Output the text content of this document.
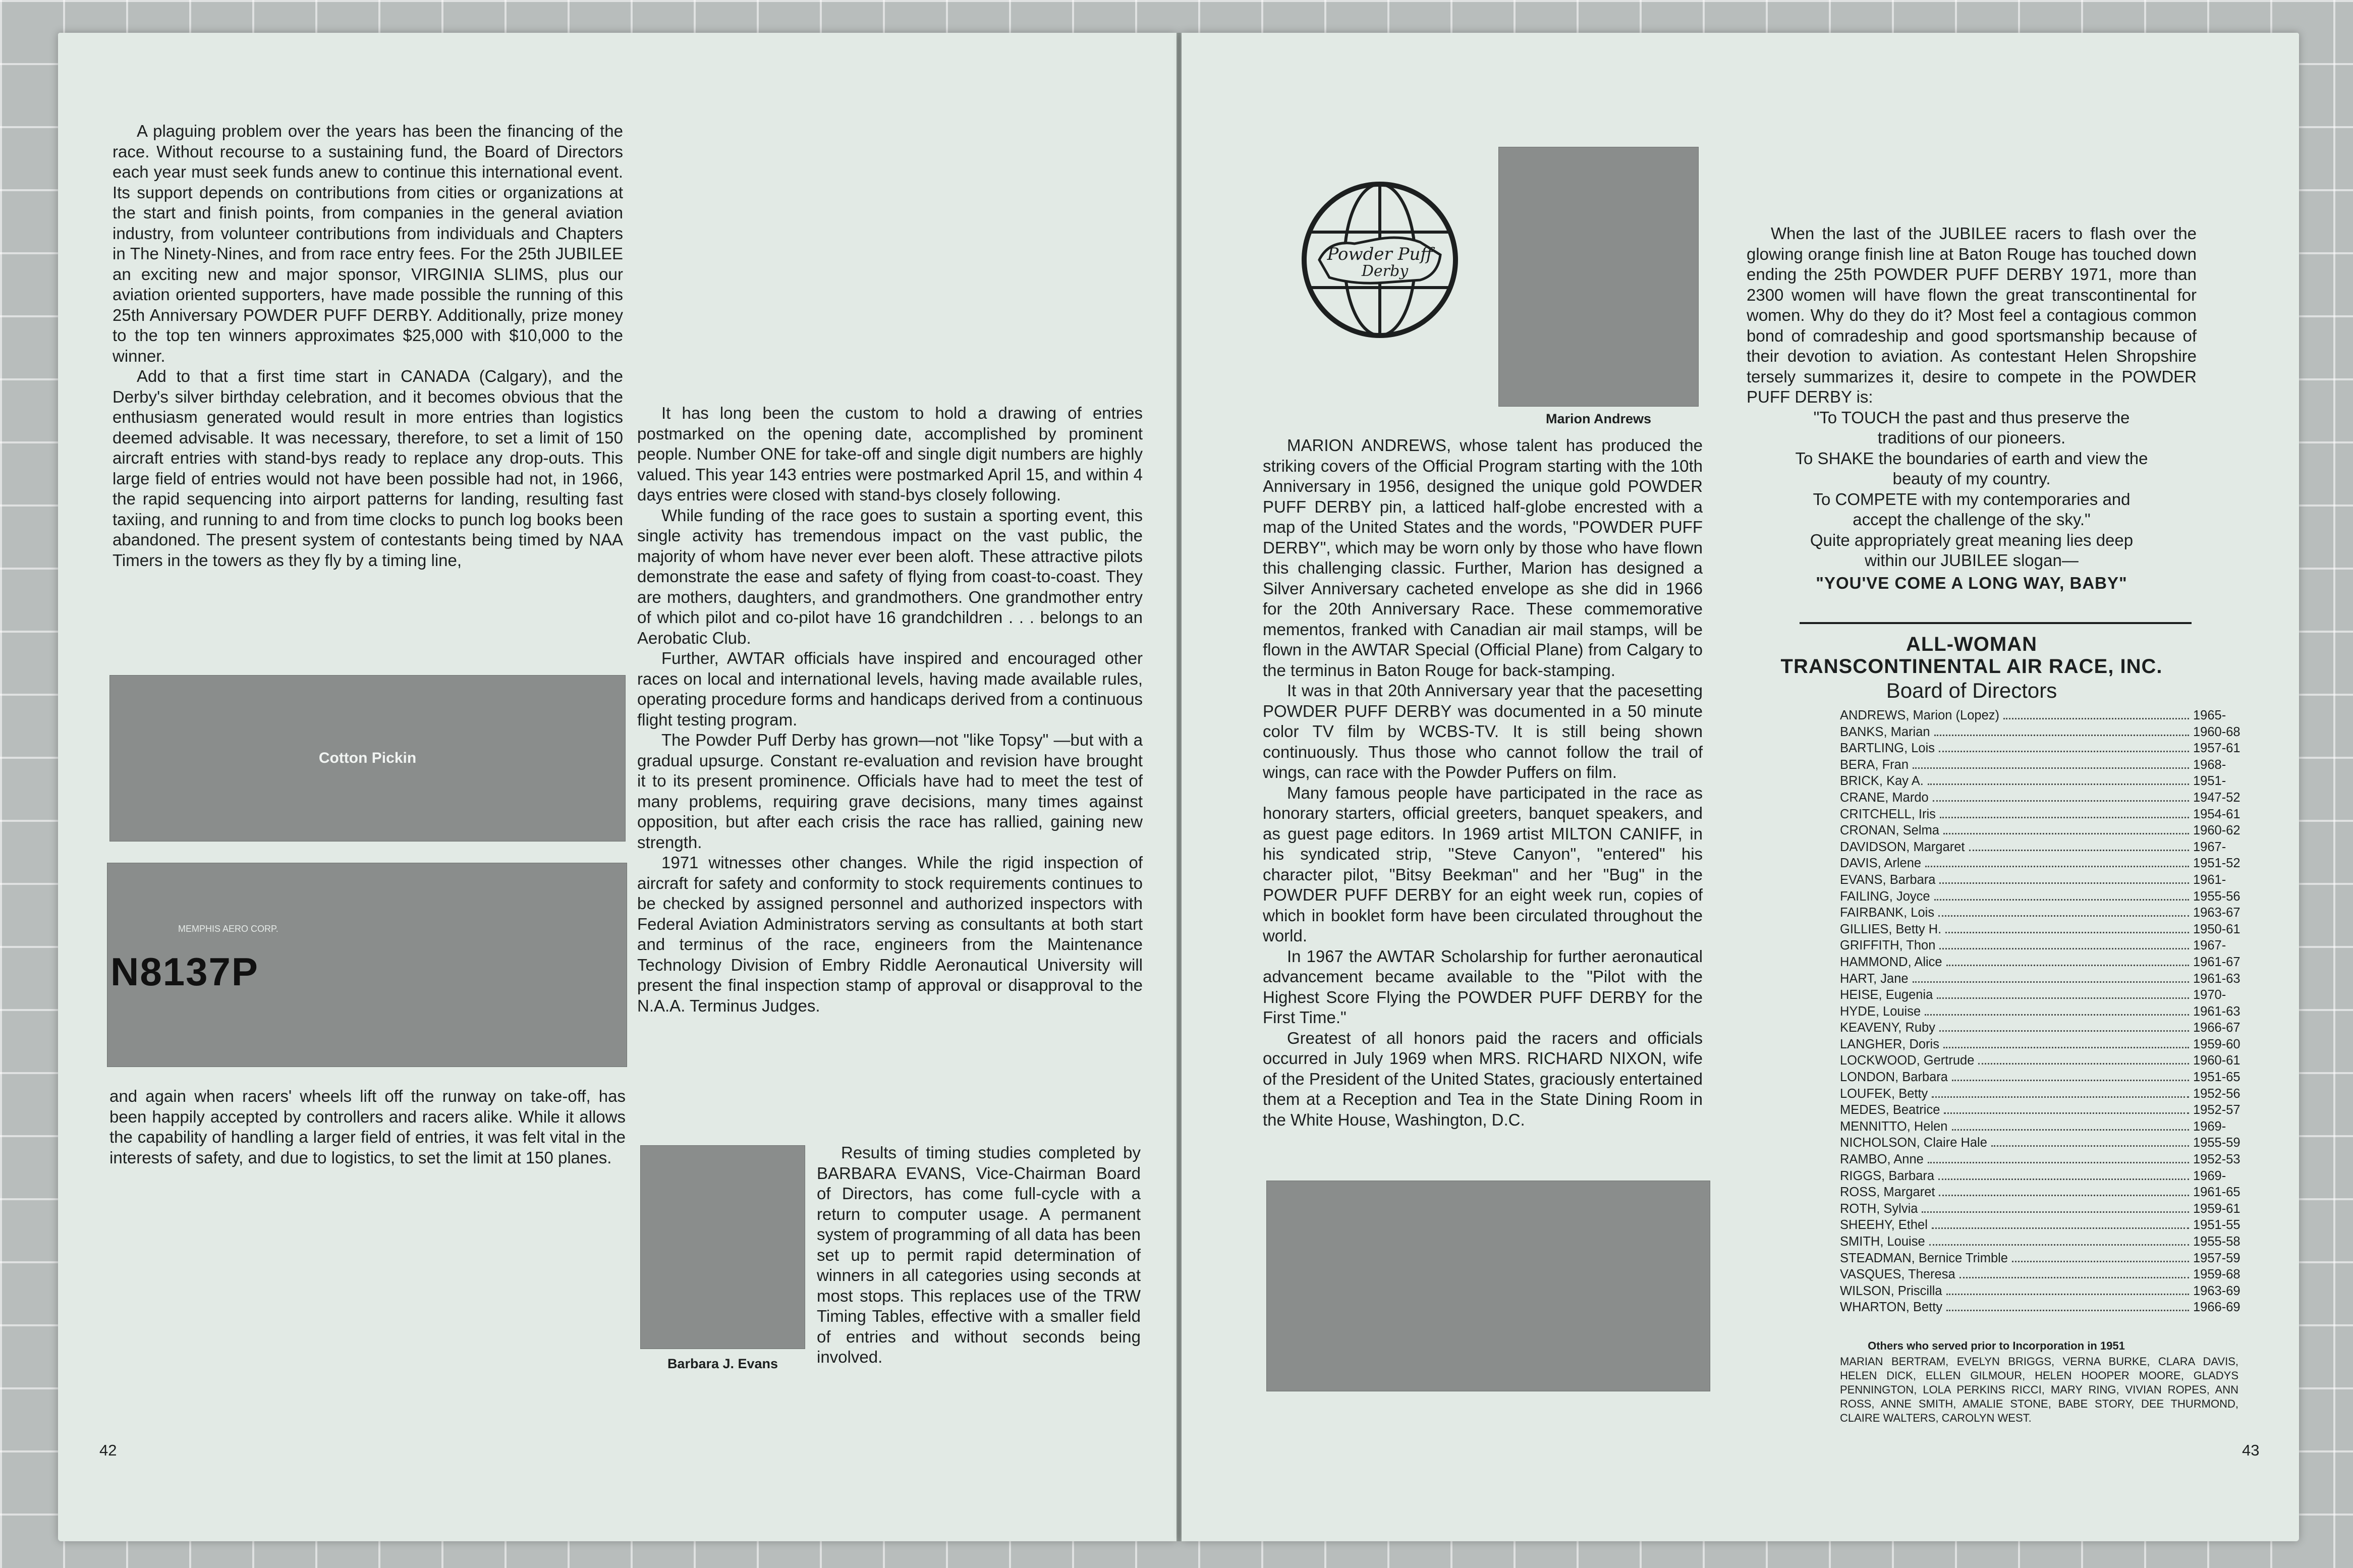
A plaguing problem over the years has been the financing of the race. Without recourse to a sustaining fund, the Board of Directors each year must seek funds anew to continue this international event. Its support depends on contributions from cities or organizations at the start and finish points, from companies in the general aviation industry, from volunteer contributions from individuals and Chapters in The Ninety-Nines, and from race entry fees. For the 25th JUBILEE an exciting new and major sponsor, VIRGINIA SLIMS, plus our aviation oriented supporters, have made possible the running of this 25th Anniversary POWDER PUFF DERBY. Additionally, prize money to the top ten winners approximates $25,000 with $10,000 to the winner.

Add to that a first time start in CANADA (Calgary), and the Derby's silver birthday celebration, and it becomes obvious that the enthusiasm generated would result in more entries than logistics deemed advisable. It was necessary, therefore, to set a limit of 150 aircraft entries with stand-bys ready to replace any drop-outs. This large field of entries would not have been possible had not, in 1966, the rapid sequencing into airport patterns for landing, resulting fast taxiing, and running to and from time clocks to punch log books been abandoned. The present system of contestants being timed by NAA Timers in the towers as they fly by a timing line,

Cotton Pickin
MEMPHIS AERO CORP.
N8137P

and again when racers' wheels lift off the runway on take-off, has been happily accepted by controllers and racers alike. While it allows the capability of handling a larger field of entries, it was felt vital in the interests of safety, and due to logistics, to set the limit at 150 planes.

It has long been the custom to hold a drawing of entries postmarked on the opening date, accomplished by prominent people. Number ONE for take-off and single digit numbers are highly valued. This year 143 entries were postmarked April 15, and within 4 days entries were closed with stand-bys closely following.

While funding of the race goes to sustain a sporting event, this single activity has tremendous impact on the vast public, the majority of whom have never ever been aloft. These attractive pilots demonstrate the ease and safety of flying from coast-to-coast. They are mothers, daughters, and grandmothers. One grandmother entry of which pilot and co-pilot have 16 grandchildren . . . belongs to an Aerobatic Club.

Further, AWTAR officials have inspired and encouraged other races on local and international levels, having made available rules, operating procedure forms and handicaps derived from a continuous flight testing program.

The Powder Puff Derby has grown—not "like Topsy" —but with a gradual upsurge. Constant re-evaluation and revision have brought it to its present prominence. Officials have had to meet the test of many problems, requiring grave decisions, many times against opposition, but after each crisis the race has rallied, gaining new strength.

1971 witnesses other changes. While the rigid inspection of aircraft for safety and conformity to stock requirements continues to be checked by assigned personnel and authorized inspectors with Federal Aviation Administrators serving as consultants at both start and terminus of the race, engineers from the Maintenance Technology Division of Embry Riddle Aeronautical University will present the final inspection stamp of approval or disapproval to the N.A.A. Terminus Judges.

Barbara J. Evans

Results of timing studies completed by BARBARA EVANS, Vice-Chairman Board of Directors, has come full-cycle with a return to computer usage. A permanent system of programming of all data has been set up to permit rapid determination of winners in all categories using seconds at most stops. This replaces use of the TRW Timing Tables, effective with a smaller field of entries and without seconds being involved.

42
Powder Puff
Derby
Marion Andrews

MARION ANDREWS, whose talent has produced the striking covers of the Official Program starting with the 10th Anniversary in 1956, designed the unique gold POWDER PUFF DERBY pin, a latticed half-globe encrested with a map of the United States and the words, "POWDER PUFF DERBY", which may be worn only by those who have flown this challenging classic. Further, Marion has designed a Silver Anniversary cacheted envelope as she did in 1966 for the 20th Anniversary Race. These commemorative mementos, franked with Canadian air mail stamps, will be flown in the AWTAR Special (Official Plane) from Calgary to the terminus in Baton Rouge for back-stamping.

It was in that 20th Anniversary year that the pacesetting POWDER PUFF DERBY was documented in a 50 minute color TV film by WCBS-TV. It is still being shown continuously. Thus those who cannot follow the trail of wings, can race with the Powder Puffers on film.

Many famous people have participated in the race as honorary starters, official greeters, banquet speakers, and as guest page editors. In 1969 artist MILTON CANIFF, in his syndicated strip, "Steve Canyon", "entered" his character pilot, "Bitsy Beekman" and her "Bug" in the POWDER PUFF DERBY for an eight week run, copies of which in booklet form have been circulated throughout the world.

In 1967 the AWTAR Scholarship for further aeronautical advancement became available to the "Pilot with the Highest Score Flying the POWDER PUFF DERBY for the First Time."

Greatest of all honors paid the racers and officials occurred in July 1969 when MRS. RICHARD NIXON, wife of the President of the United States, graciously entertained them at a Reception and Tea in the State Dining Room in the White House, Washington, D.C.

When the last of the JUBILEE racers to flash over the glowing orange finish line at Baton Rouge has touched down ending the 25th POWDER PUFF DERBY 1971, more than 2300 women will have flown the great transcontinental for women. Why do they do it? Most feel a contagious common bond of comradeship and good sportsmanship because of their devotion to aviation. As contestant Helen Shropshire tersely summarizes it, desire to compete in the POWDER PUFF DERBY is:

"To TOUCH the past and thus preserve the traditions of our pioneers.

To SHAKE the boundaries of earth and view the beauty of my country.

To COMPETE with my contemporaries and accept the challenge of the sky."

Quite appropriately great meaning lies deep within our JUBILEE slogan—

"YOU'VE COME A LONG WAY, BABY"

ALL-WOMAN
TRANSCONTINENTAL AIR RACE, INC.
Board of Directors
ANDREWS, Marion (Lopez)	1965-
BANKS, Marian	1960-68
BARTLING, Lois	1957-61
BERA, Fran	1968-
BRICK, Kay A.	1951-
CRANE, Mardo	1947-52
CRITCHELL, Iris	1954-61
CRONAN, Selma	1960-62
DAVIDSON, Margaret	1967-
DAVIS, Arlene	1951-52
EVANS, Barbara	1961-
FAILING, Joyce	1955-56
FAIRBANK, Lois	1963-67
GILLIES, Betty H.	1950-61
GRIFFITH, Thon	1967-
HAMMOND, Alice	1961-67
HART, Jane	1961-63
HEISE, Eugenia	1970-
HYDE, Louise	1961-63
KEAVENY, Ruby	1966-67
LANGHER, Doris	1959-60
LOCKWOOD, Gertrude	1960-61
LONDON, Barbara	1951-65
LOUFEK, Betty	1952-56
MEDES, Beatrice	1952-57
MENNITTO, Helen	1969-
NICHOLSON, Claire Hale	1955-59
RAMBO, Anne	1952-53
RIGGS, Barbara	1969-
ROSS, Margaret	1961-65
ROTH, Sylvia	1959-61
SHEEHY, Ethel	1951-55
SMITH, Louise	1955-58
STEADMAN, Bernice Trimble	1957-59
VASQUES, Theresa	1959-68
WILSON, Priscilla	1963-69
WHARTON, Betty	1966-69
Others who served prior to Incorporation in 1951
MARIAN BERTRAM, EVELYN BRIGGS, VERNA BURKE, CLARA DAVIS, HELEN DICK, ELLEN GILMOUR, HELEN HOOPER MOORE, GLADYS PENNINGTON, LOLA PERKINS RICCI, MARY RING, VIVIAN ROPES, ANN ROSS, ANNE SMITH, AMALIE STONE, BABE STORY, DEE THURMOND, CLAIRE WALTERS, CAROLYN WEST.
43
